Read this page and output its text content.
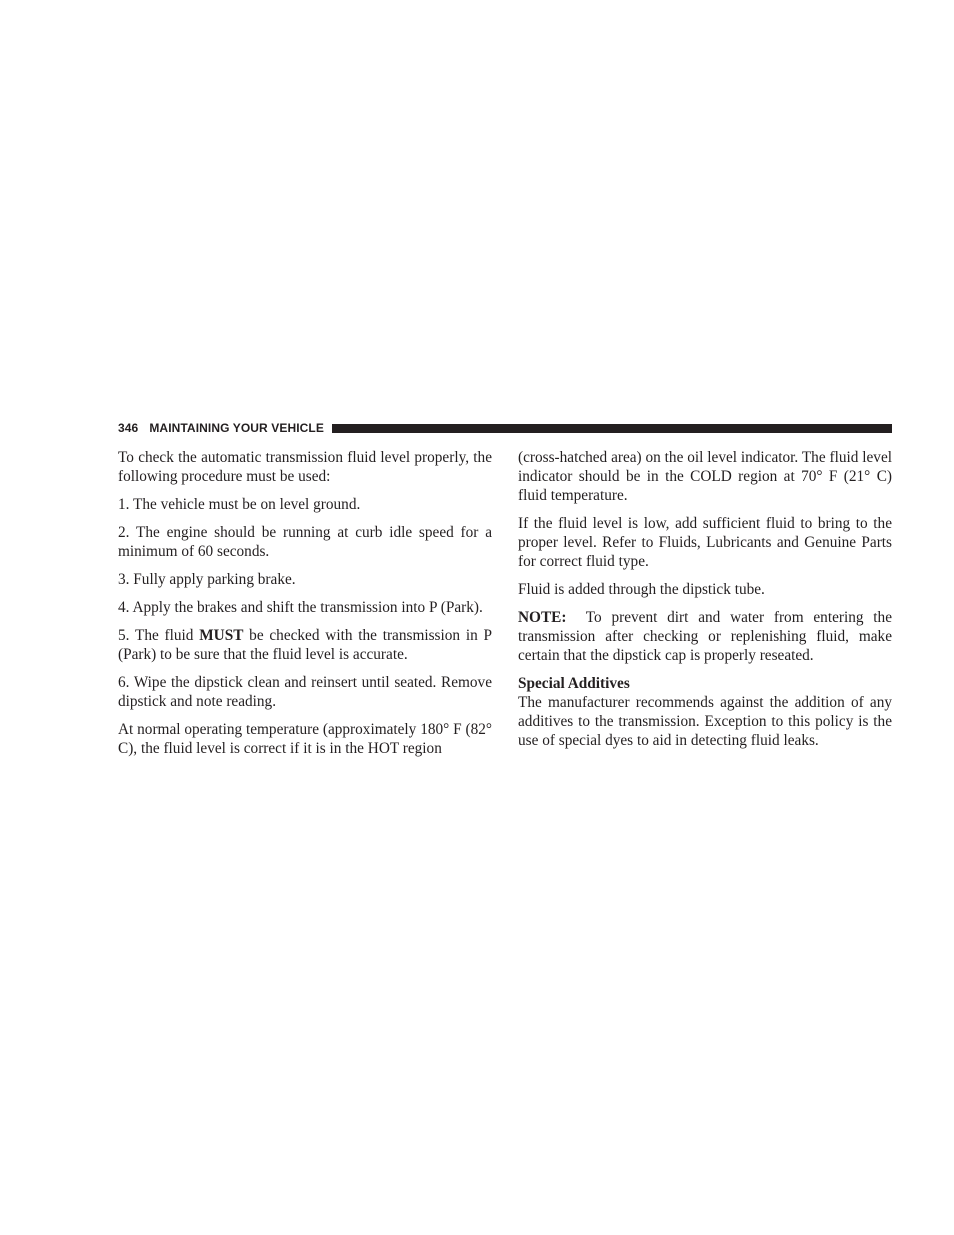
346 MAINTAINING YOUR VEHICLE

To check the automatic transmission fluid level properly, the following procedure must be used:

1. The vehicle must be on level ground.

2. The engine should be running at curb idle speed for a minimum of 60 seconds.

3. Fully apply parking brake.

4. Apply the brakes and shift the transmission into P (Park).

5. The fluid MUST be checked with the transmission in P (Park) to be sure that the fluid level is accurate.

6. Wipe the dipstick clean and reinsert until seated. Remove dipstick and note reading.

At normal operating temperature (approximately 180° F (82° C), the fluid level is correct if it is in the HOT region

(cross-hatched area) on the oil level indicator. The fluid level indicator should be in the COLD region at 70° F (21° C) fluid temperature.

If the fluid level is low, add sufficient fluid to bring to the proper level. Refer to Fluids, Lubricants and Genuine Parts for correct fluid type.

Fluid is added through the dipstick tube.

NOTE:  To prevent dirt and water from entering the transmission after checking or replenishing fluid, make certain that the dipstick cap is properly reseated.

Special Additives

The manufacturer recommends against the addition of any additives to the transmission. Exception to this policy is the use of special dyes to aid in detecting fluid leaks.
